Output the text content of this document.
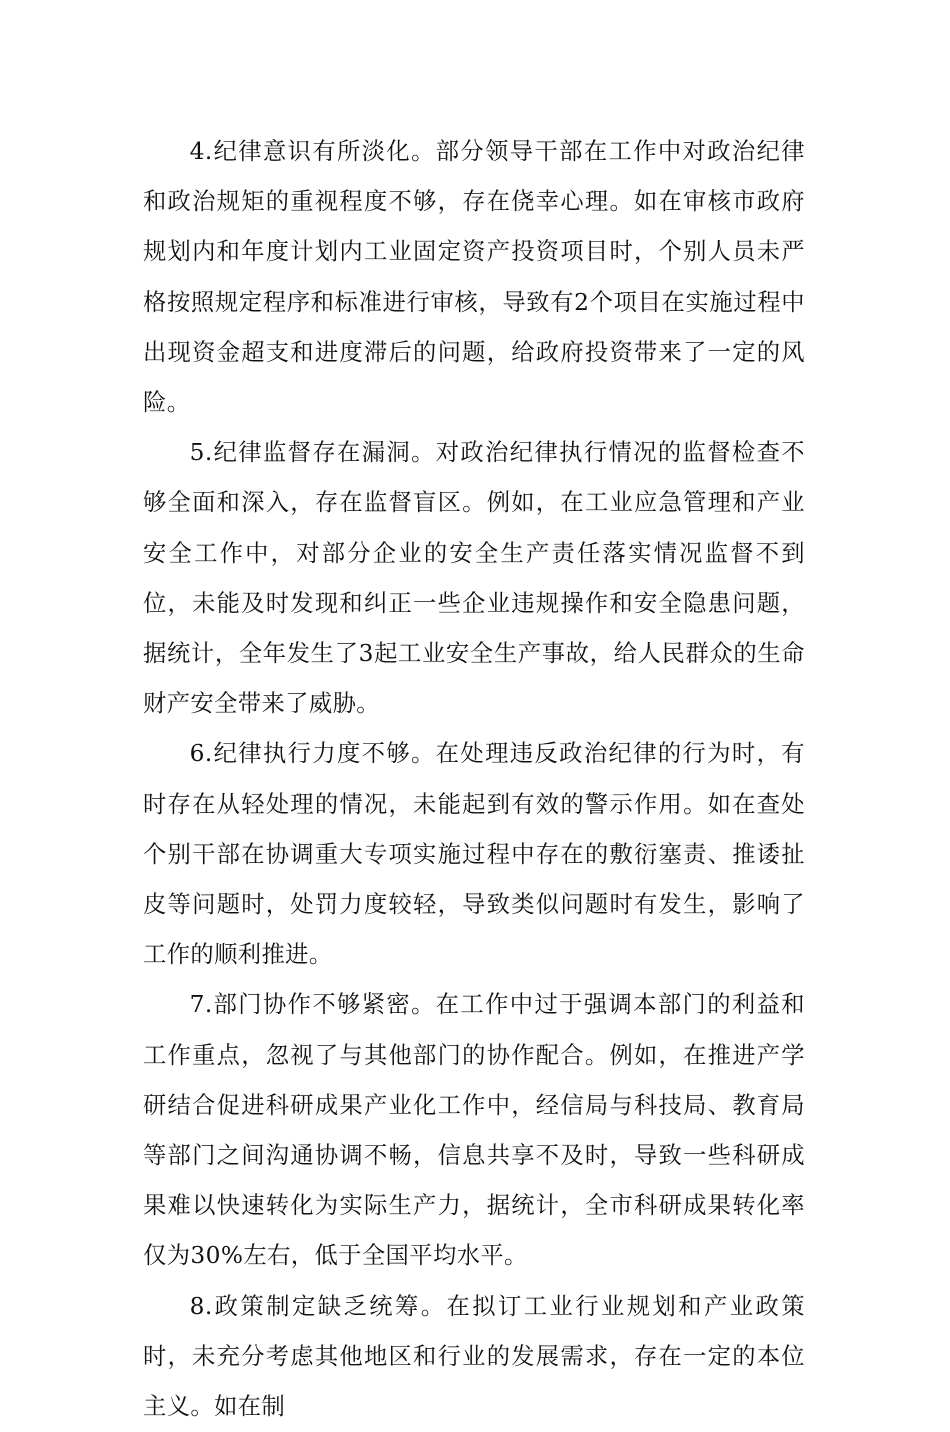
4.纪律意识有所淡化。部分领导干部在工作中对政治纪律和政治规矩的重视程度不够，存在侥幸心理。如在审核市政府规划内和年度计划内工业固定资产投资项目时，个别人员未严格按照规定程序和标准进行审核，导致有2个项目在实施过程中出现资金超支和进度滞后的问题，给政府投资带来了一定的风险。

5.纪律监督存在漏洞。对政治纪律执行情况的监督检查不够全面和深入，存在监督盲区。例如，在工业应急管理和产业安全工作中，对部分企业的安全生产责任落实情况监督不到位，未能及时发现和纠正一些企业违规操作和安全隐患问题，据统计，全年发生了3起工业安全生产事故，给人民群众的生命财产安全带来了威胁。

6.纪律执行力度不够。在处理违反政治纪律的行为时，有时存在从轻处理的情况，未能起到有效的警示作用。如在查处个别干部在协调重大专项实施过程中存在的敷衍塞责、推诿扯皮等问题时，处罚力度较轻，导致类似问题时有发生，影响了工作的顺利推进。

7.部门协作不够紧密。在工作中过于强调本部门的利益和工作重点，忽视了与其他部门的协作配合。例如，在推进产学研结合促进科研成果产业化工作中，经信局与科技局、教育局等部门之间沟通协调不畅，信息共享不及时，导致一些科研成果难以快速转化为实际生产力，据统计，全市科研成果转化率仅为30%左右，低于全国平均水平。

8.政策制定缺乏统筹。在拟订工业行业规划和产业政策时，未充分考虑其他地区和行业的发展需求，存在一定的本位主义。如在制
